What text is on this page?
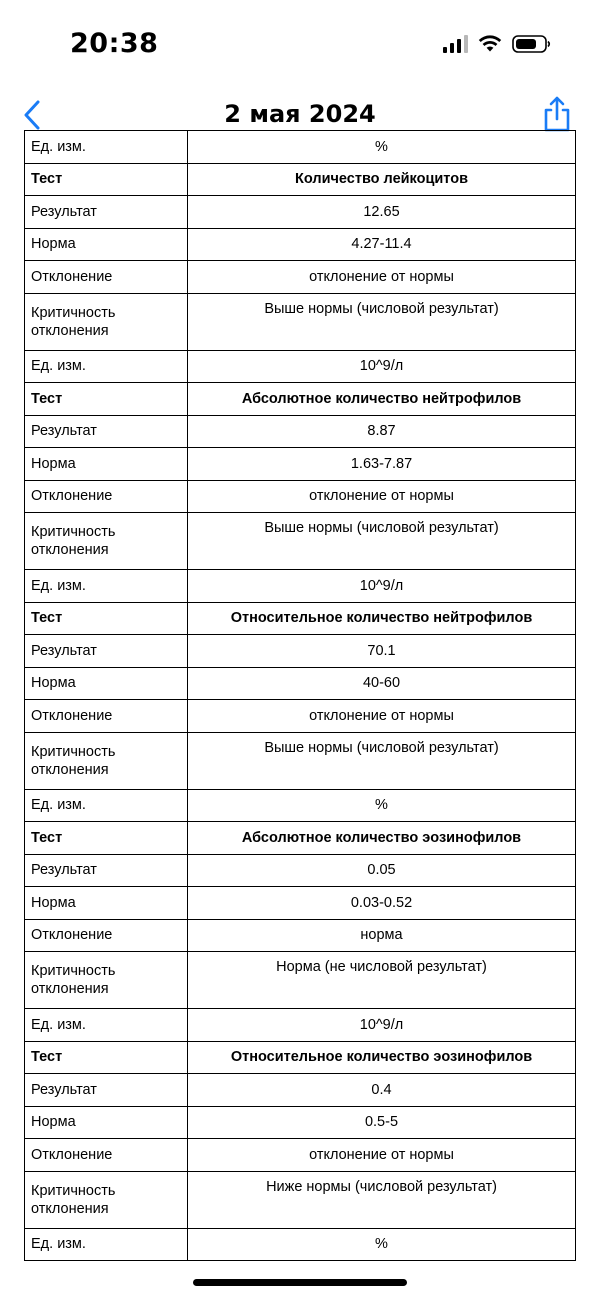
20:38
2 мая 2024
Ед. изм.	%
Тест	Количество лейкоцитов
Результат	12.65
Норма	4.27-11.4
Отклонение	отклонение от нормы
Критичность отклонения	Выше нормы (числовой результат)
Ед. изм.	10^9/л
Тест	Абсолютное количество нейтрофилов
Результат	8.87
Норма	1.63-7.87
Отклонение	отклонение от нормы
Критичность отклонения	Выше нормы (числовой результат)
Ед. изм.	10^9/л
Тест	Относительное количество нейтрофилов
Результат	70.1
Норма	40-60
Отклонение	отклонение от нормы
Критичность отклонения	Выше нормы (числовой результат)
Ед. изм.	%
Тест	Абсолютное количество эозинофилов
Результат	0.05
Норма	0.03-0.52
Отклонение	норма
Критичность отклонения	Норма (не числовой результат)
Ед. изм.	10^9/л
Тест	Относительное количество эозинофилов
Результат	0.4
Норма	0.5-5
Отклонение	отклонение от нормы
Критичность отклонения	Ниже нормы (числовой результат)
Ед. изм.	%
